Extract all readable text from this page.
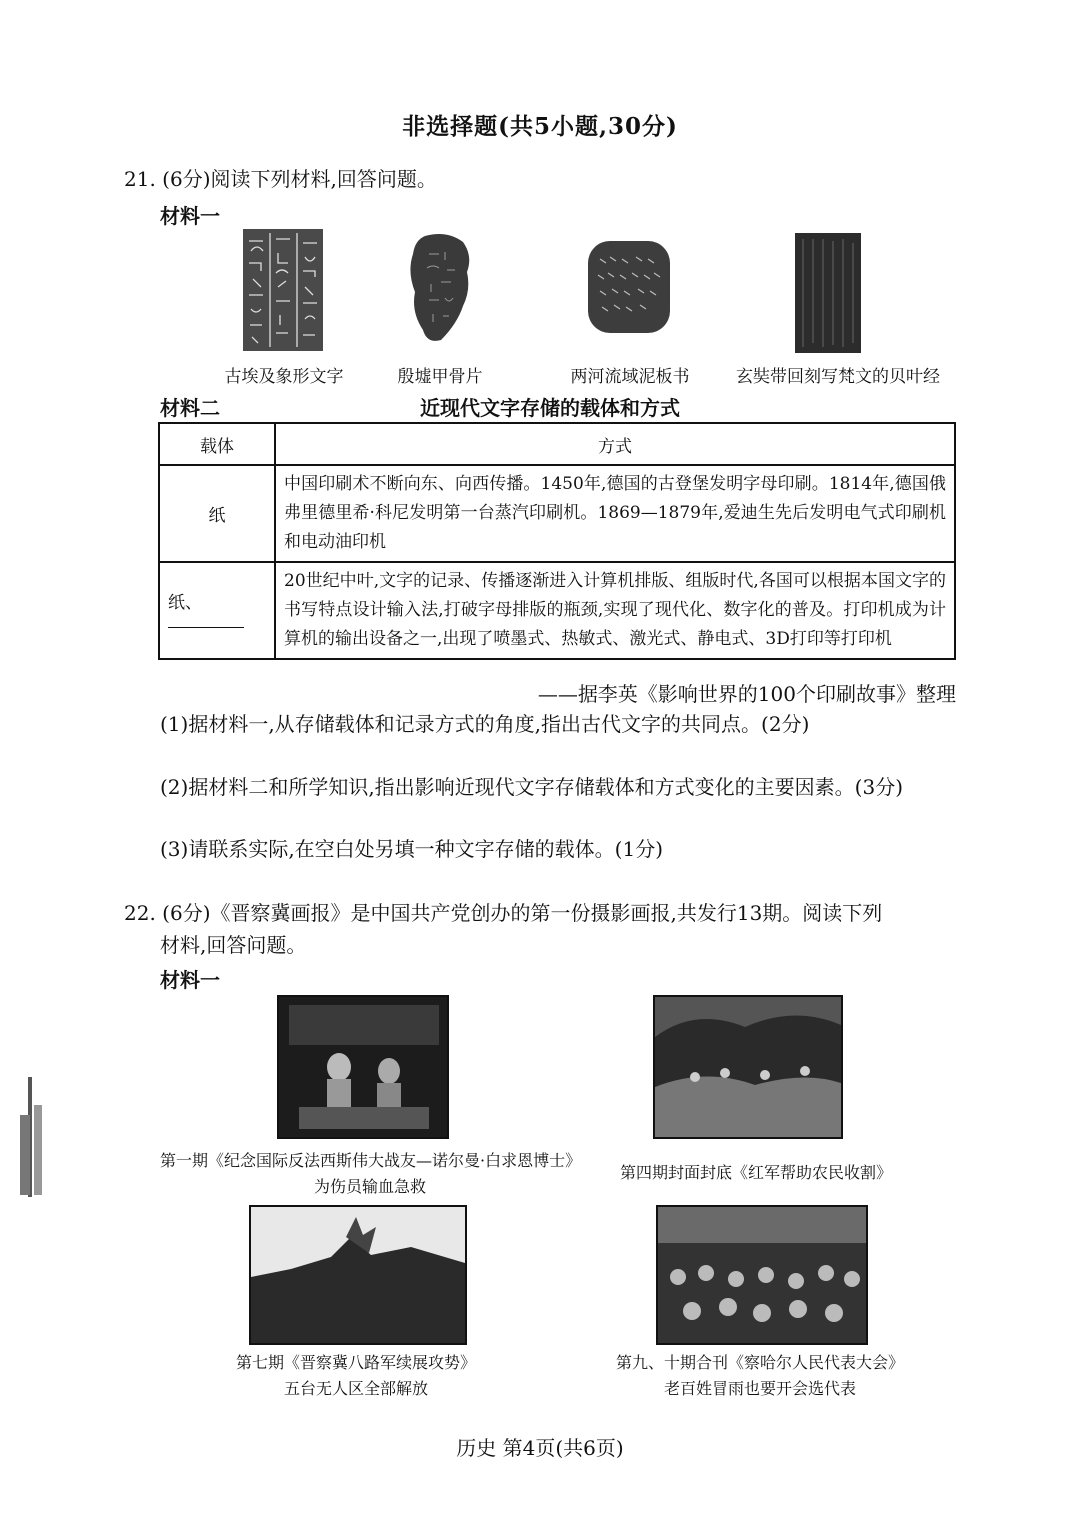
非选择题(共5小题,30分)
21. (6分)阅读下列材料,回答问题。
材料一
古埃及象形文字	殷墟甲骨片	两河流域泥板书	玄奘带回刻写梵文的贝叶经
材料二	近现代文字存储的载体和方式
载体	方式
纸	中国印刷术不断向东、向西传播。1450年,德国的古登堡发明字母印刷。1814年,德国俄弗里德里希·科尼发明第一台蒸汽印刷机。1869—1879年,爱迪生先后发明电气式印刷机和电动油印机
纸、	20世纪中叶,文字的记录、传播逐渐进入计算机排版、组版时代,各国可以根据本国文字的书写特点设计输入法,打破字母排版的瓶颈,实现了现代化、数字化的普及。打印机成为计算机的输出设备之一,出现了喷墨式、热敏式、激光式、静电式、3D打印等打印机
——据李英《影响世界的100个印刷故事》整理
(1)据材料一,从存储载体和记录方式的角度,指出古代文字的共同点。(2分)
(2)据材料二和所学知识,指出影响近现代文字存储载体和方式变化的主要因素。(3分)
(3)请联系实际,在空白处另填一种文字存储的载体。(1分)
22. (6分)《晋察冀画报》是中国共产党创办的第一份摄影画报,共发行13期。阅读下列
材料,回答问题。
材料一
第一期《纪念国际反法西斯伟大战友—诺尔曼·白求恩博士》
为伤员输血急救
第四期封面封底《红军帮助农民收割》
第七期《晋察冀八路军续展攻势》
五台无人区全部解放
第九、十期合刊《察哈尔人民代表大会》
老百姓冒雨也要开会选代表
历史 第4页(共6页)
